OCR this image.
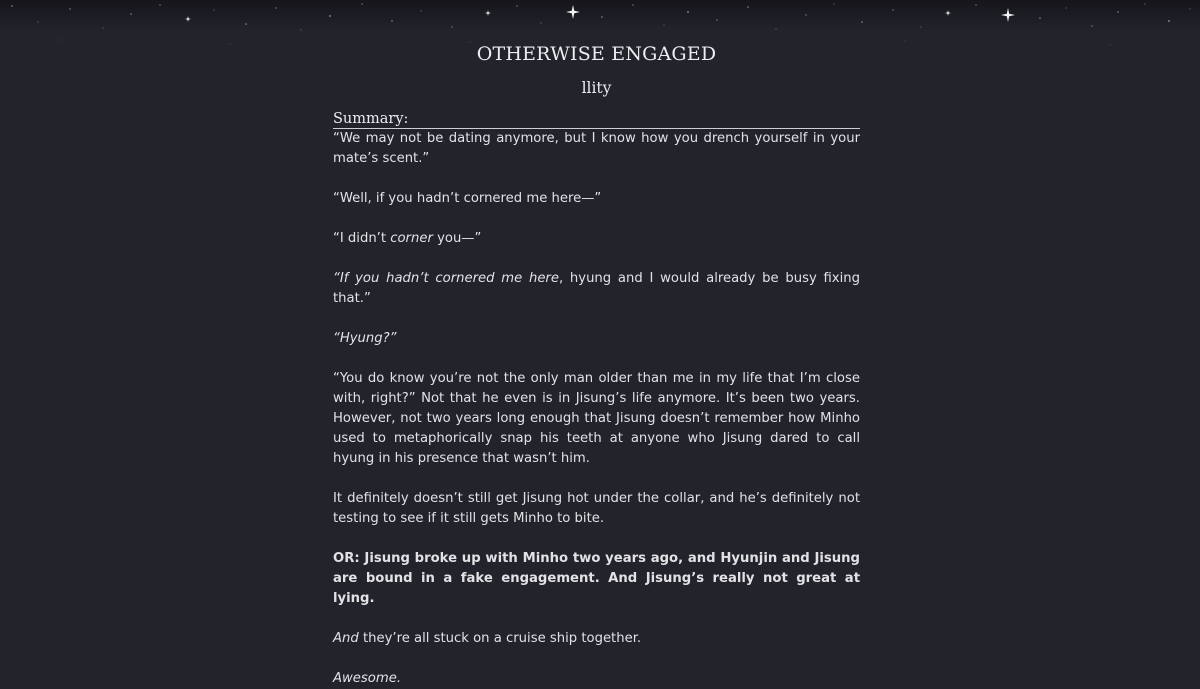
OTHERWISE ENGAGED
llity
Summary:

“We may not be dating anymore, but I know how you drench yourself in your mate’s scent.”

“Well, if you hadn’t cornered me here—”

“I didn’t corner you—”

“If you hadn’t cornered me here, hyung and I would already be busy fixing that.”

“Hyung?”

“You do know you’re not the only man older than me in my life that I’m close with, right?” Not that he even is in Jisung’s life anymore. It’s been two years. However, not two years long enough that Jisung doesn’t remember how Minho used to metaphorically snap his teeth at anyone who Jisung dared to call hyung in his presence that wasn’t him.

It definitely doesn’t still get Jisung hot under the collar, and he’s definitely not testing to see if it still gets Minho to bite.

OR: Jisung broke up with Minho two years ago, and Hyunjin and Jisung are bound in a fake engagement. And Jisung’s really not great at lying.

And they’re all stuck on a cruise ship together.

Awesome.
